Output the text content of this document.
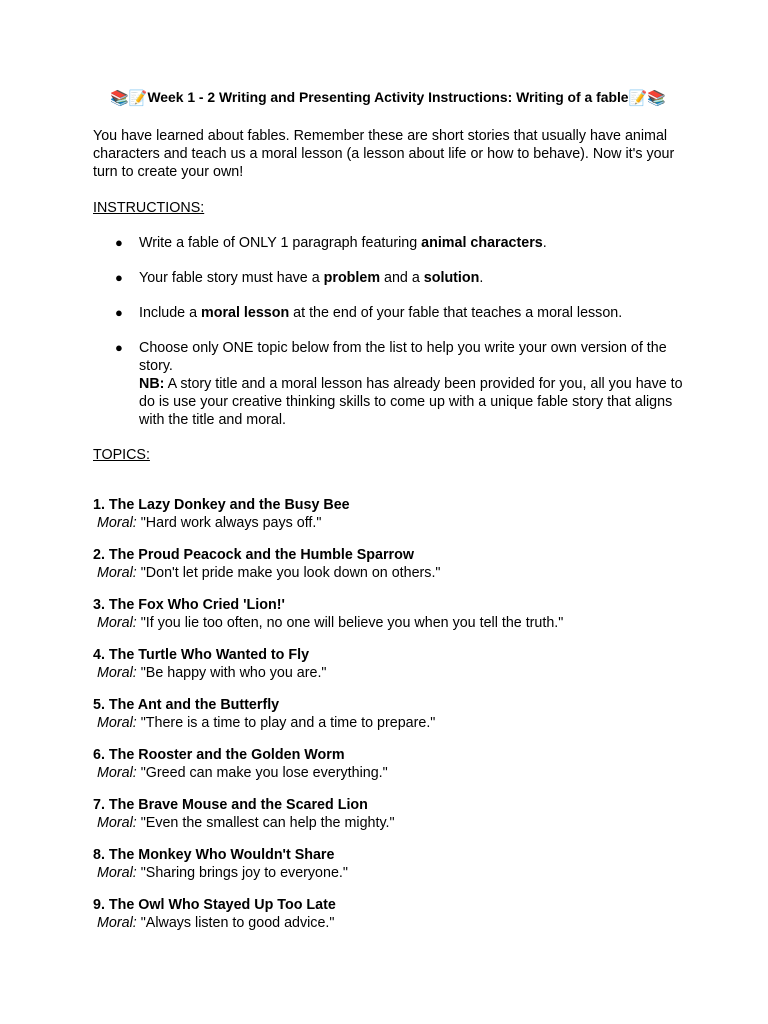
📚📝Week 1 - 2 Writing and Presenting Activity Instructions: Writing of a fable📝📚

You have learned about fables. Remember these are short stories that usually have animal characters and teach us a moral lesson (a lesson about life or how to behave). Now it's your turn to create your own!

INSTRUCTIONS:
● Write a fable of ONLY 1 paragraph featuring animal characters.
● Your fable story must have a problem and a solution.
● Include a moral lesson at the end of your fable that teaches a moral lesson.
● Choose only ONE topic below from the list to help you write your own version of the story.
NB: A story title and a moral lesson has already been provided for you, all you have to do is use your creative thinking skills to come up with a unique fable story that aligns with the title and moral.
TOPICS:
1. The Lazy Donkey and the Busy Bee
Moral: "Hard work always pays off."
2. The Proud Peacock and the Humble Sparrow
Moral: "Don't let pride make you look down on others."
3. The Fox Who Cried 'Lion!'
Moral: "If you lie too often, no one will believe you when you tell the truth."
4. The Turtle Who Wanted to Fly
Moral: "Be happy with who you are."
5. The Ant and the Butterfly
Moral: "There is a time to play and a time to prepare."
6. The Rooster and the Golden Worm
Moral: "Greed can make you lose everything."
7. The Brave Mouse and the Scared Lion
Moral: "Even the smallest can help the mighty."
8. The Monkey Who Wouldn't Share
Moral: "Sharing brings joy to everyone."
9. The Owl Who Stayed Up Too Late
Moral: "Always listen to good advice."
